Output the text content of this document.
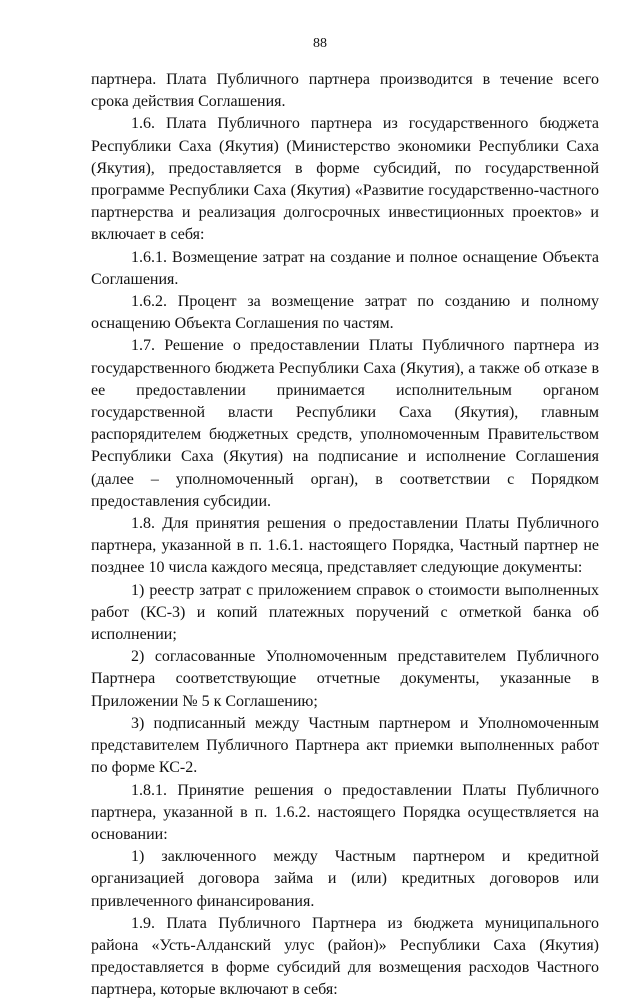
88

партнера. Плата Публичного партнера производится в течение всего срока действия Соглашения.

1.6. Плата Публичного партнера из государственного бюджета Республики Саха (Якутия) (Министерство экономики Республики Саха (Якутия), предоставляется в форме субсидий, по государственной программе Республики Саха (Якутия) «Развитие государственно-частного партнерства и реализация долгосрочных инвестиционных проектов» и включает в себя:

1.6.1. Возмещение затрат на создание и полное оснащение Объекта Соглашения.

1.6.2. Процент за возмещение затрат по созданию и полному оснащению Объекта Соглашения по частям.

1.7. Решение о предоставлении Платы Публичного партнера из государственного бюджета Республики Саха (Якутия), а также об отказе в ее предоставлении принимается исполнительным органом государственной власти Республики Саха (Якутия), главным распорядителем бюджетных средств, уполномоченным Правительством Республики Саха (Якутия) на подписание и исполнение Соглашения (далее – уполномоченный орган), в соответствии с Порядком предоставления субсидии.

1.8. Для принятия решения о предоставлении Платы Публичного партнера, указанной в п. 1.6.1. настоящего Порядка, Частный партнер не позднее 10 числа каждого месяца, представляет следующие документы:

1) реестр затрат с приложением справок о стоимости выполненных работ (КС-3) и копий платежных поручений с отметкой банка об исполнении;

2) согласованные Уполномоченным представителем Публичного Партнера соответствующие отчетные документы, указанные в Приложении № 5 к Соглашению;

3) подписанный между Частным партнером и Уполномоченным представителем Публичного Партнера акт приемки выполненных работ по форме КС-2.

1.8.1. Принятие решения о предоставлении Платы Публичного партнера, указанной в п. 1.6.2. настоящего Порядка осуществляется на основании:

1) заключенного между Частным партнером и кредитной организацией договора займа и (или) кредитных договоров или привлеченного финансирования.

1.9. Плата Публичного Партнера из бюджета муниципального района «Усть-Алданский улус (район)» Республики Саха (Якутия) предоставляется в форме субсидий для возмещения расходов Частного партнера, которые включают в себя:
